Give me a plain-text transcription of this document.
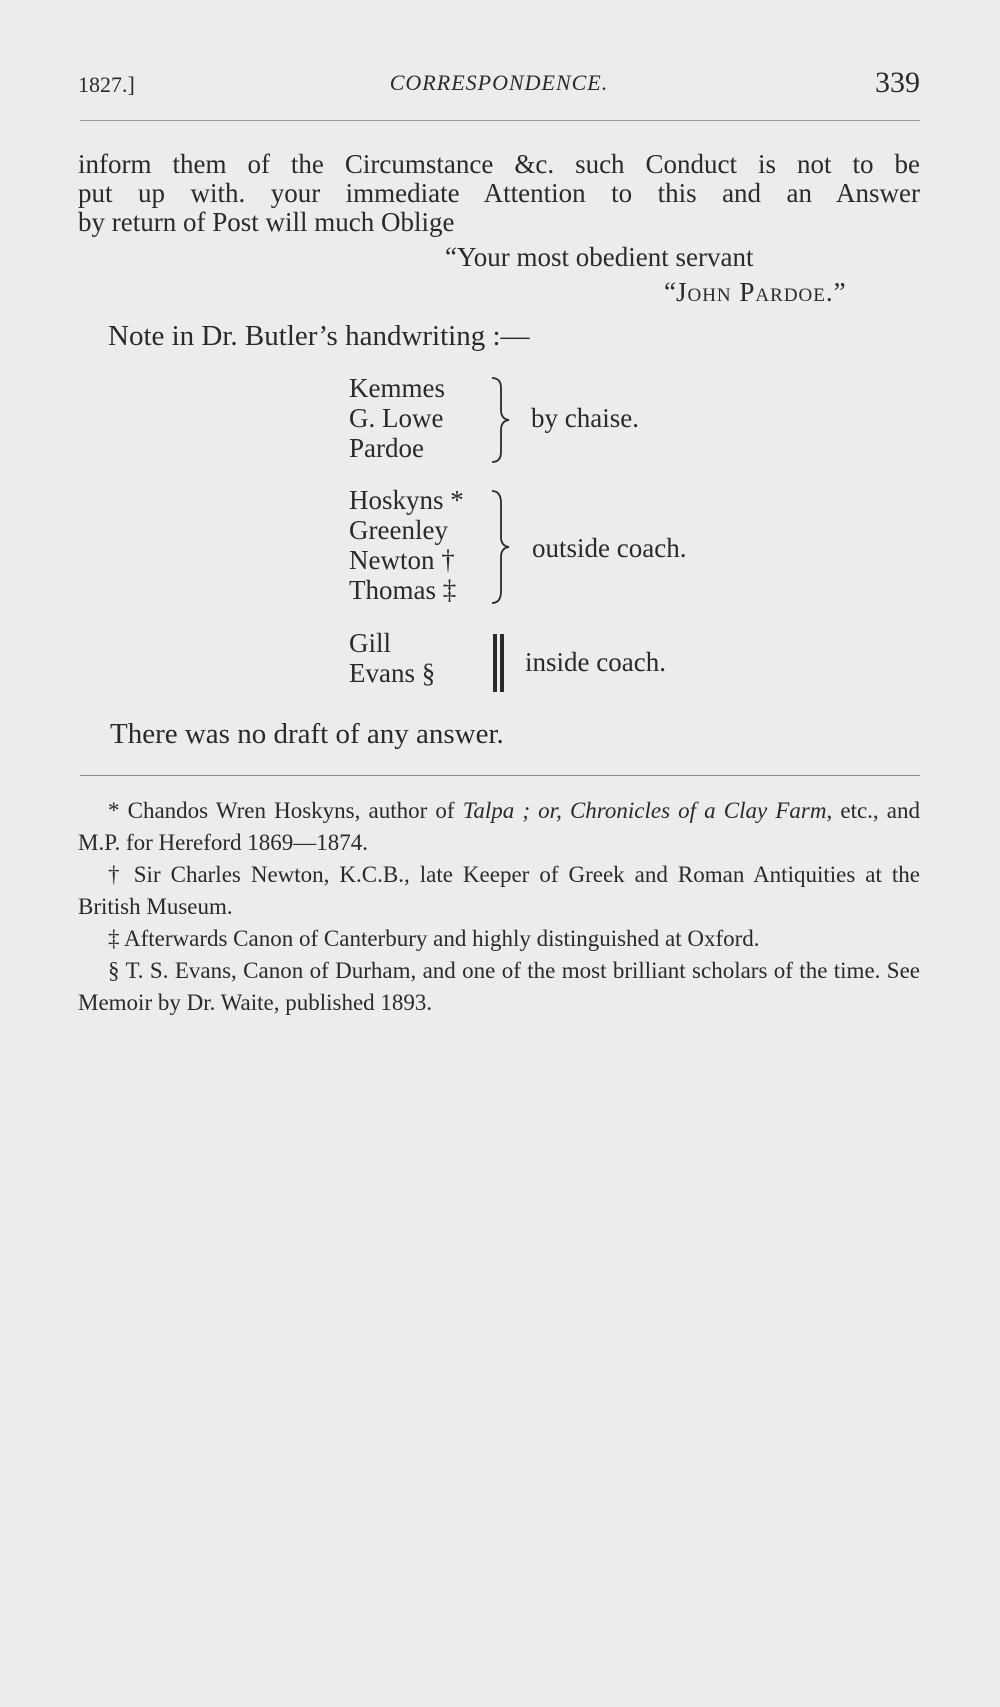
1827.]	CORRESPONDENCE.	339
inform them of the Circumstance &c. such Conduct is not to be
put up with. your immediate Attention to this and an Answer
by return of Post will much Oblige
“Your most obedient servant
“John Pardoe.”
Note in Dr. Butler’s handwriting :—
Kemmes
G. Lowe
Pardoe
by chaise.
Hoskyns *
Greenley
Newton †
Thomas ‡
outside coach.
Gill
Evans §	inside coach.
There was no draft of any answer.

* Chandos Wren Hoskyns, author of Talpa ; or, Chronicles of a Clay Farm, etc., and M.P. for Hereford 1869—1874.

† Sir Charles Newton, K.C.B., late Keeper of Greek and Roman Antiquities at the British Museum.

‡ Afterwards Canon of Canterbury and highly distinguished at Oxford.

§ T. S. Evans, Canon of Durham, and one of the most brilliant scholars of the time. See Memoir by Dr. Waite, published 1893.
